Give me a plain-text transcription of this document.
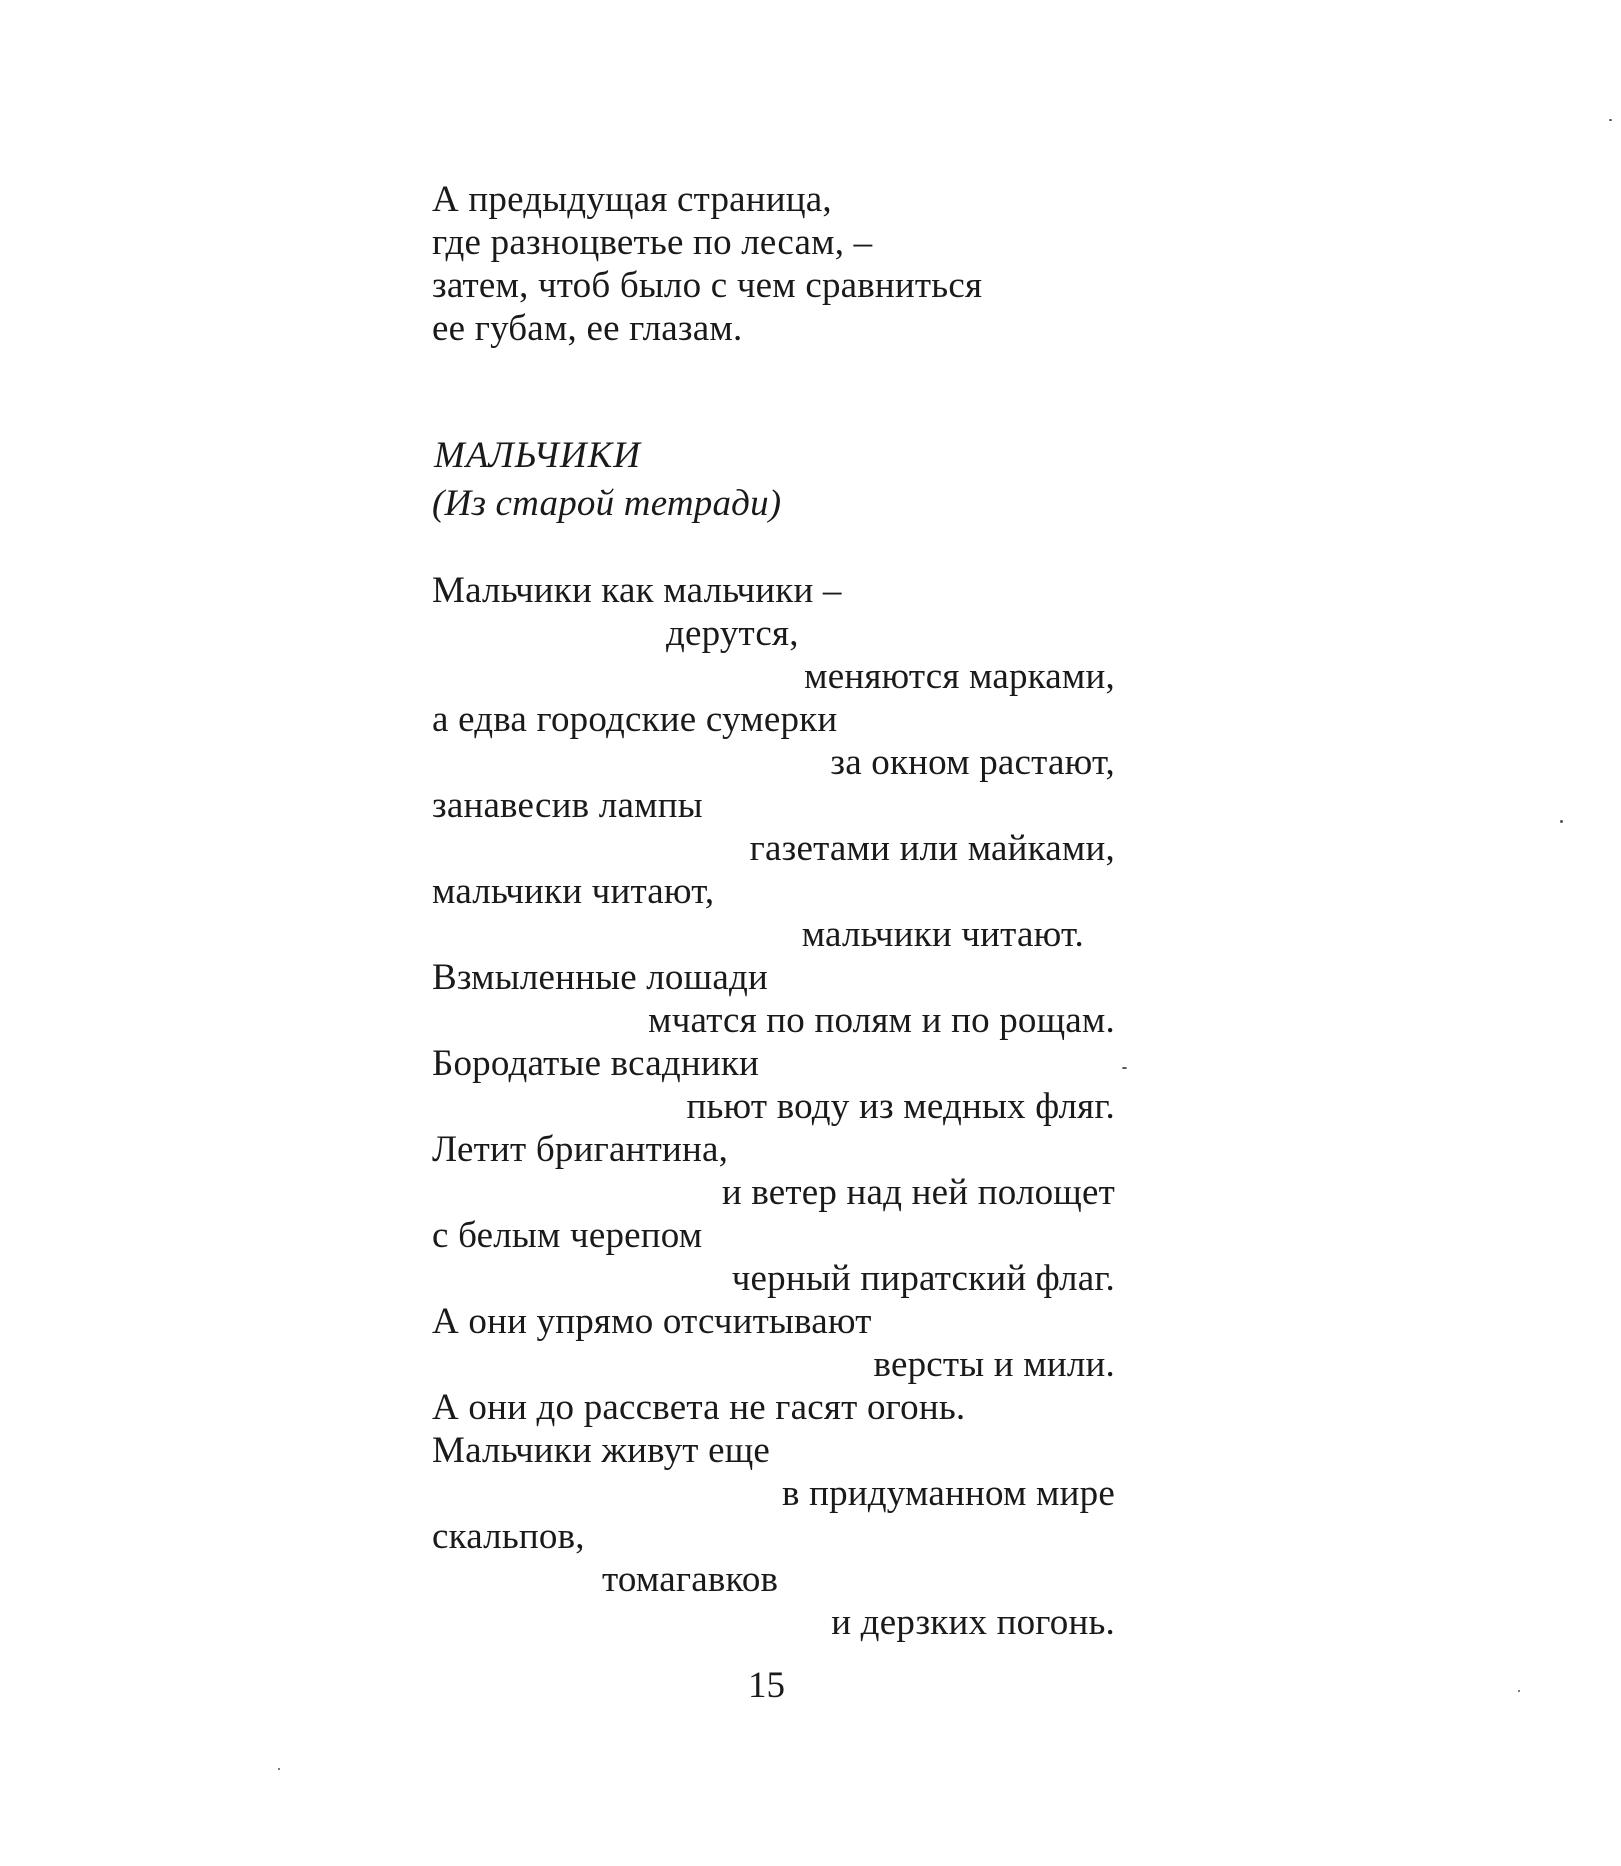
А предыдущая страница,
где разноцветье по лесам, –
затем, чтоб было с чем сравниться
ее губам, ее глазам.
МАЛЬЧИКИ
(Из старой тетради)
Мальчики как мальчики –
дерутся,
меняются марками,
а едва городские сумерки
за окном растают,
занавесив лампы
газетами или майками,
мальчики читают,
мальчики читают.
Взмыленные лошади
мчатся по полям и по рощам.
Бородатые всадники
пьют воду из медных фляг.
Летит бригантина,
и ветер над ней полощет
с белым черепом
черный пиратский флаг.
А они упрямо отсчитывают
версты и мили.
А они до рассвета не гасят огонь.
Мальчики живут еще
в придуманном мире
скальпов,
томагавков
и дерзких погонь.
15
